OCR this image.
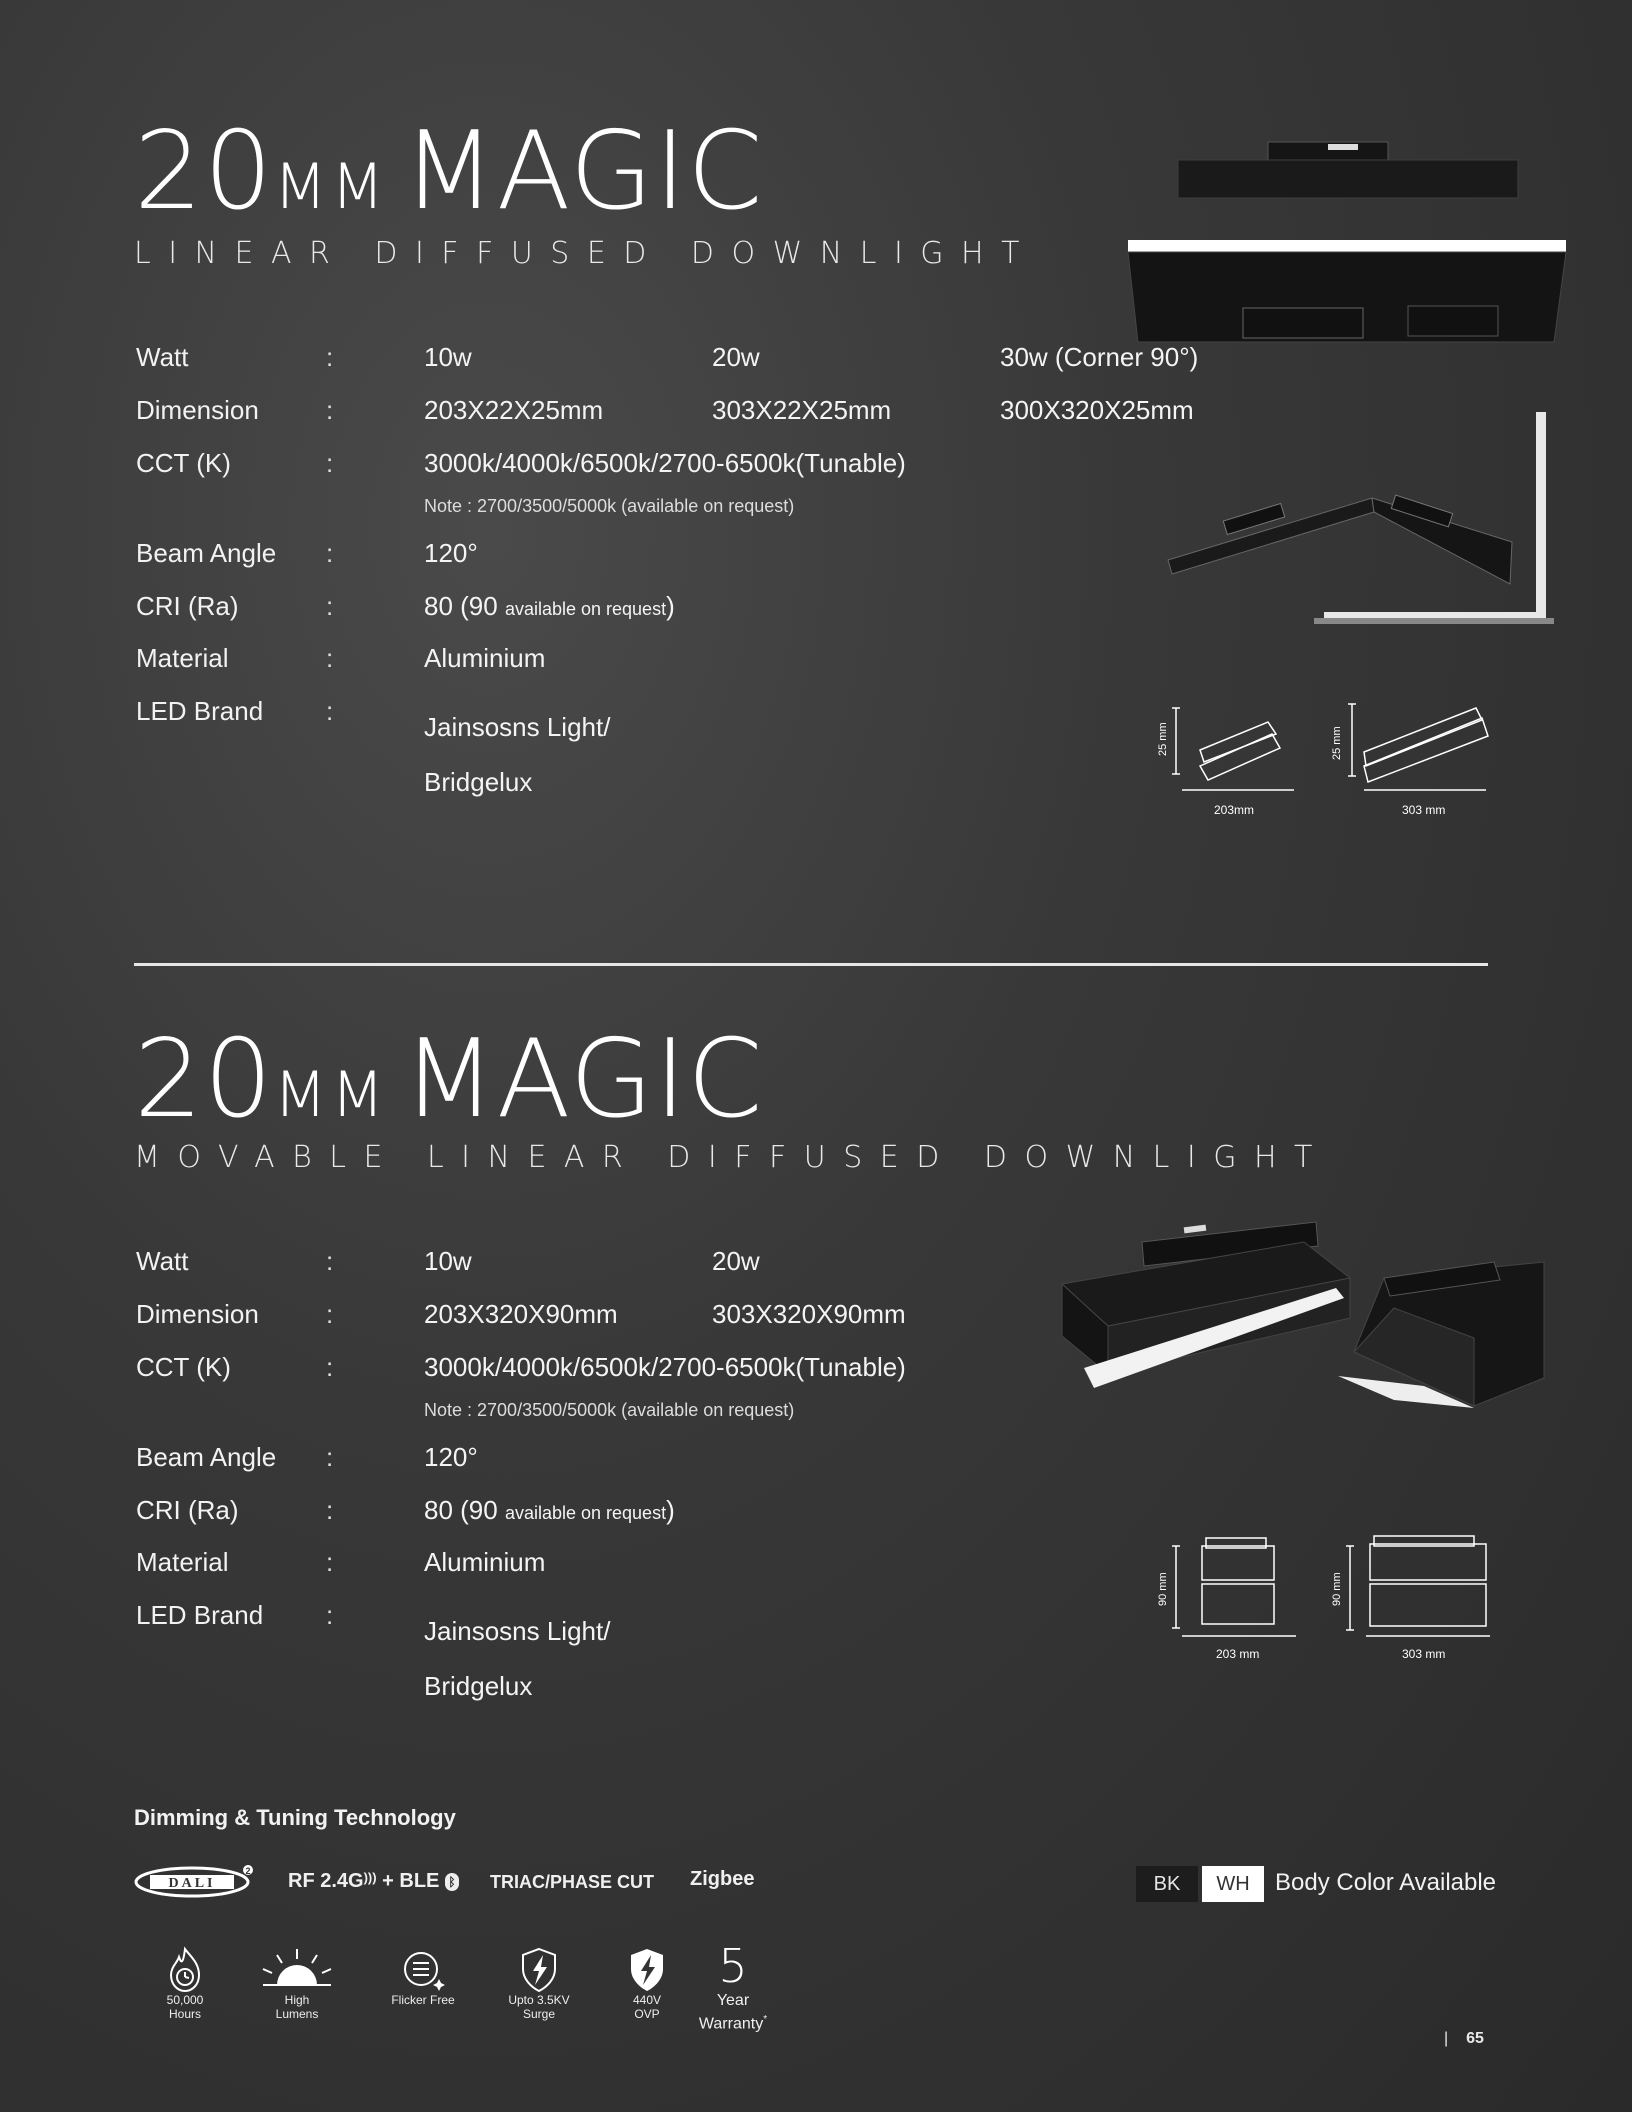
20MM MAGIC
LINEAR DIFFUSED DOWNLIGHT
Watt	:	10w	20w	30w (Corner 90°)
Dimension	:	203X22X25mm	303X22X25mm	300X320X25mm
CCT (K)	:	3000k/4000k/6500k/2700-6500k(Tunable)
Note : 2700/3500/5000k (available on request)
Beam Angle :	120°
CRI (Ra)	:	80 (90 available on request)
Material	:	Aluminium
LED Brand :
Jainsosns Light/
Bridgelux
25 mm
203mm
25 mm
303 mm
20MM MAGIC
MOVABLE LINEAR DIFFUSED DOWNLIGHT
Watt	:	10w	20w
Dimension	:	203X320X90mm	303X320X90mm
CCT (K)	:	3000k/4000k/6500k/2700-6500k(Tunable)
Note : 2700/3500/5000k (available on request)
Beam Angle :	120°
CRI (Ra)	:	80 (90 available on request)
Material	:	Aluminium
LED Brand :
Jainsosns Light/
Bridgelux
90 mm
203 mm
90 mm
303 mm
Dimming & Tuning Technology
DALI
2 RF 2.4G))) + BLE ᛒ TRIAC/PHASE CUT Zigbee	BK	WH	Body Color Available
50,000
Hours
High
Lumens
Flicker Free	Upto 3.5KV
Surge
440V
OVP
5
Year
Warranty*
| 65
